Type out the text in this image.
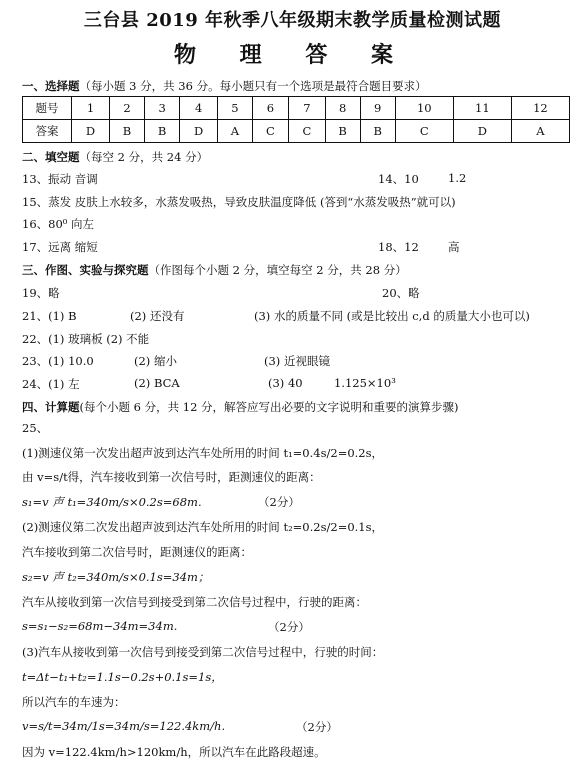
三台县 2019 年秋季八年级期末教学质量检测试题
物 理 答 案
一、选择题（每小题 3 分，共 36 分。每小题只有一个选项是最符合题目要求）
题号	1	2	3	4	5	6	7	8	9	10	11	12
答案	D	B	B	D	A	C	C	B	B	C	D	A
二、填空题（每空 2 分，共 24 分）
13、振动 音调	14、10	1.2
15、蒸发 皮肤上水较多，水蒸发吸热，导致皮肤温度降低 (答到“水蒸发吸热”就可以)
16、80⁰ 向左
17、远离 缩短	18、12	高
三、作图、实验与探究题（作图每个小题 2 分，填空每空 2 分，共 28 分）
19、略	20、略
21、(1) B	(2) 还没有	(3) 水的质量不同 (或是比较出 c,d 的质量大小也可以)
22、(1) 玻璃板 (2) 不能
23、(1) 10.0	(2) 缩小	(3) 近视眼镜
24、(1) 左	(2) BCA	(3) 40	1.125×10³
四、计算题(每个小题 6 分，共 12 分，解答应写出必要的文字说明和重要的演算步骤)
25、
(1)测速仪第一次发出超声波到达汽车处所用的时间 t₁=0.4s/2=0.2s，
由 v=s/t得，汽车接收到第一次信号时，距测速仪的距离：
s₁=v 声 t₁=340m/s×0.2s=68m.	（2分）
(2)测速仪第二次发出超声波到达汽车处所用的时间 t₂=0.2s/2=0.1s，
汽车接收到第二次信号时，距测速仪的距离：
s₂=v 声 t₂=340m/s×0.1s=34m；
汽车从接收到第一次信号到接受到第二次信号过程中，行驶的距离：
s=s₁−s₂=68m−34m=34m.	（2分）
(3)汽车从接收到第一次信号到接受到第二次信号过程中，行驶的时间：
t=Δt−t₁+t₂=1.1s−0.2s+0.1s=1s，
所以汽车的车速为：
v=s/t=34m/1s=34m/s=122.4km/h.	（2分）
因为 v=122.4km/h>120km/h，所以汽车在此路段超速。
